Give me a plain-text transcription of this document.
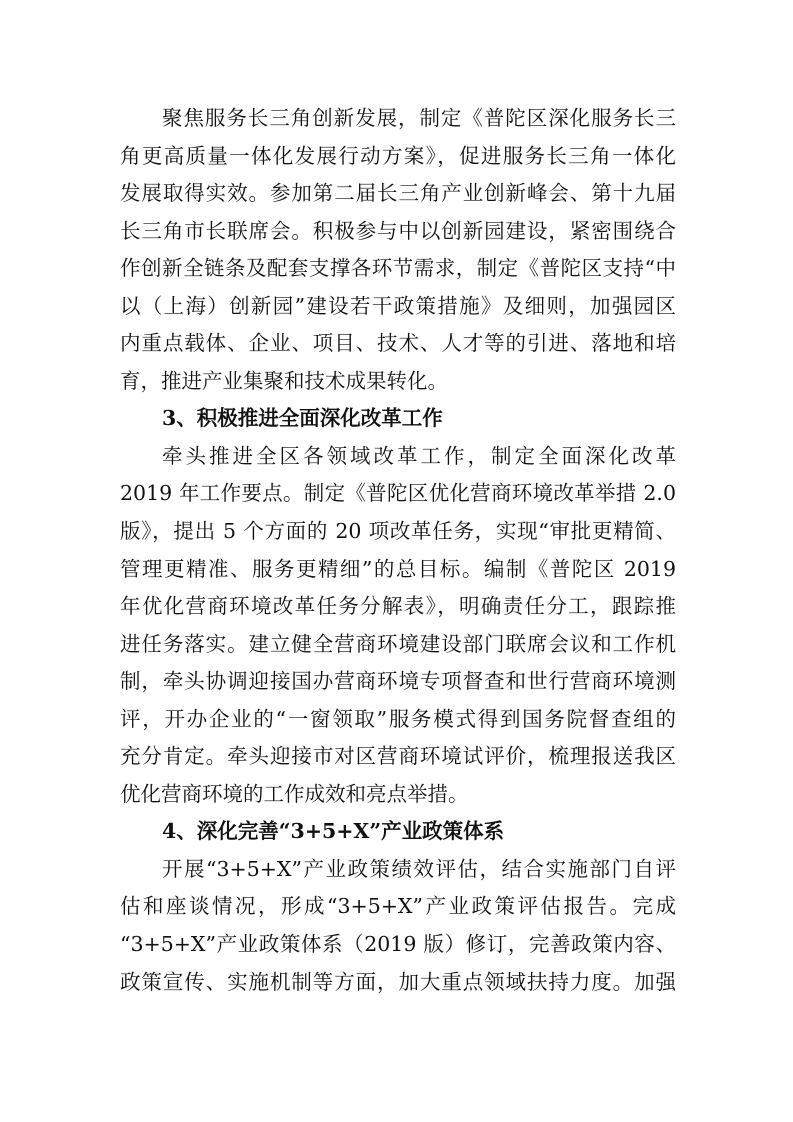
聚焦服务长三角创新发展，制定《普陀区深化服务长三
角更高质量一体化发展行动方案》，促进服务长三角一体化
发展取得实效。参加第二届长三角产业创新峰会、第十九届
长三角市长联席会。积极参与中以创新园建设，紧密围绕合
作创新全链条及配套支撑各环节需求，制定《普陀区支持“中
以（上海）创新园”建设若干政策措施》及细则，加强园区
内重点载体、企业、项目、技术、人才等的引进、落地和培
育，推进产业集聚和技术成果转化。
3、积极推进全面深化改革工作
牵头推进全区各领域改革工作，制定全面深化改革
2019 年工作要点。制定《普陀区优化营商环境改革举措 2.0
版》，提出 5 个方面的 20 项改革任务，实现“审批更精简、
管理更精准、服务更精细”的总目标。编制《普陀区 2019
年优化营商环境改革任务分解表》，明确责任分工，跟踪推
进任务落实。建立健全营商环境建设部门联席会议和工作机
制，牵头协调迎接国办营商环境专项督查和世行营商环境测
评，开办企业的“一窗领取”服务模式得到国务院督查组的
充分肯定。牵头迎接市对区营商环境试评价，梳理报送我区
优化营商环境的工作成效和亮点举措。
4、深化完善“3+5+X”产业政策体系
开展“3+5+X”产业政策绩效评估，结合实施部门自评
估和座谈情况，形成“3+5+X”产业政策评估报告。完成
“3+5+X”产业政策体系（2019 版）修订，完善政策内容、
政策宣传、实施机制等方面，加大重点领域扶持力度。加强
